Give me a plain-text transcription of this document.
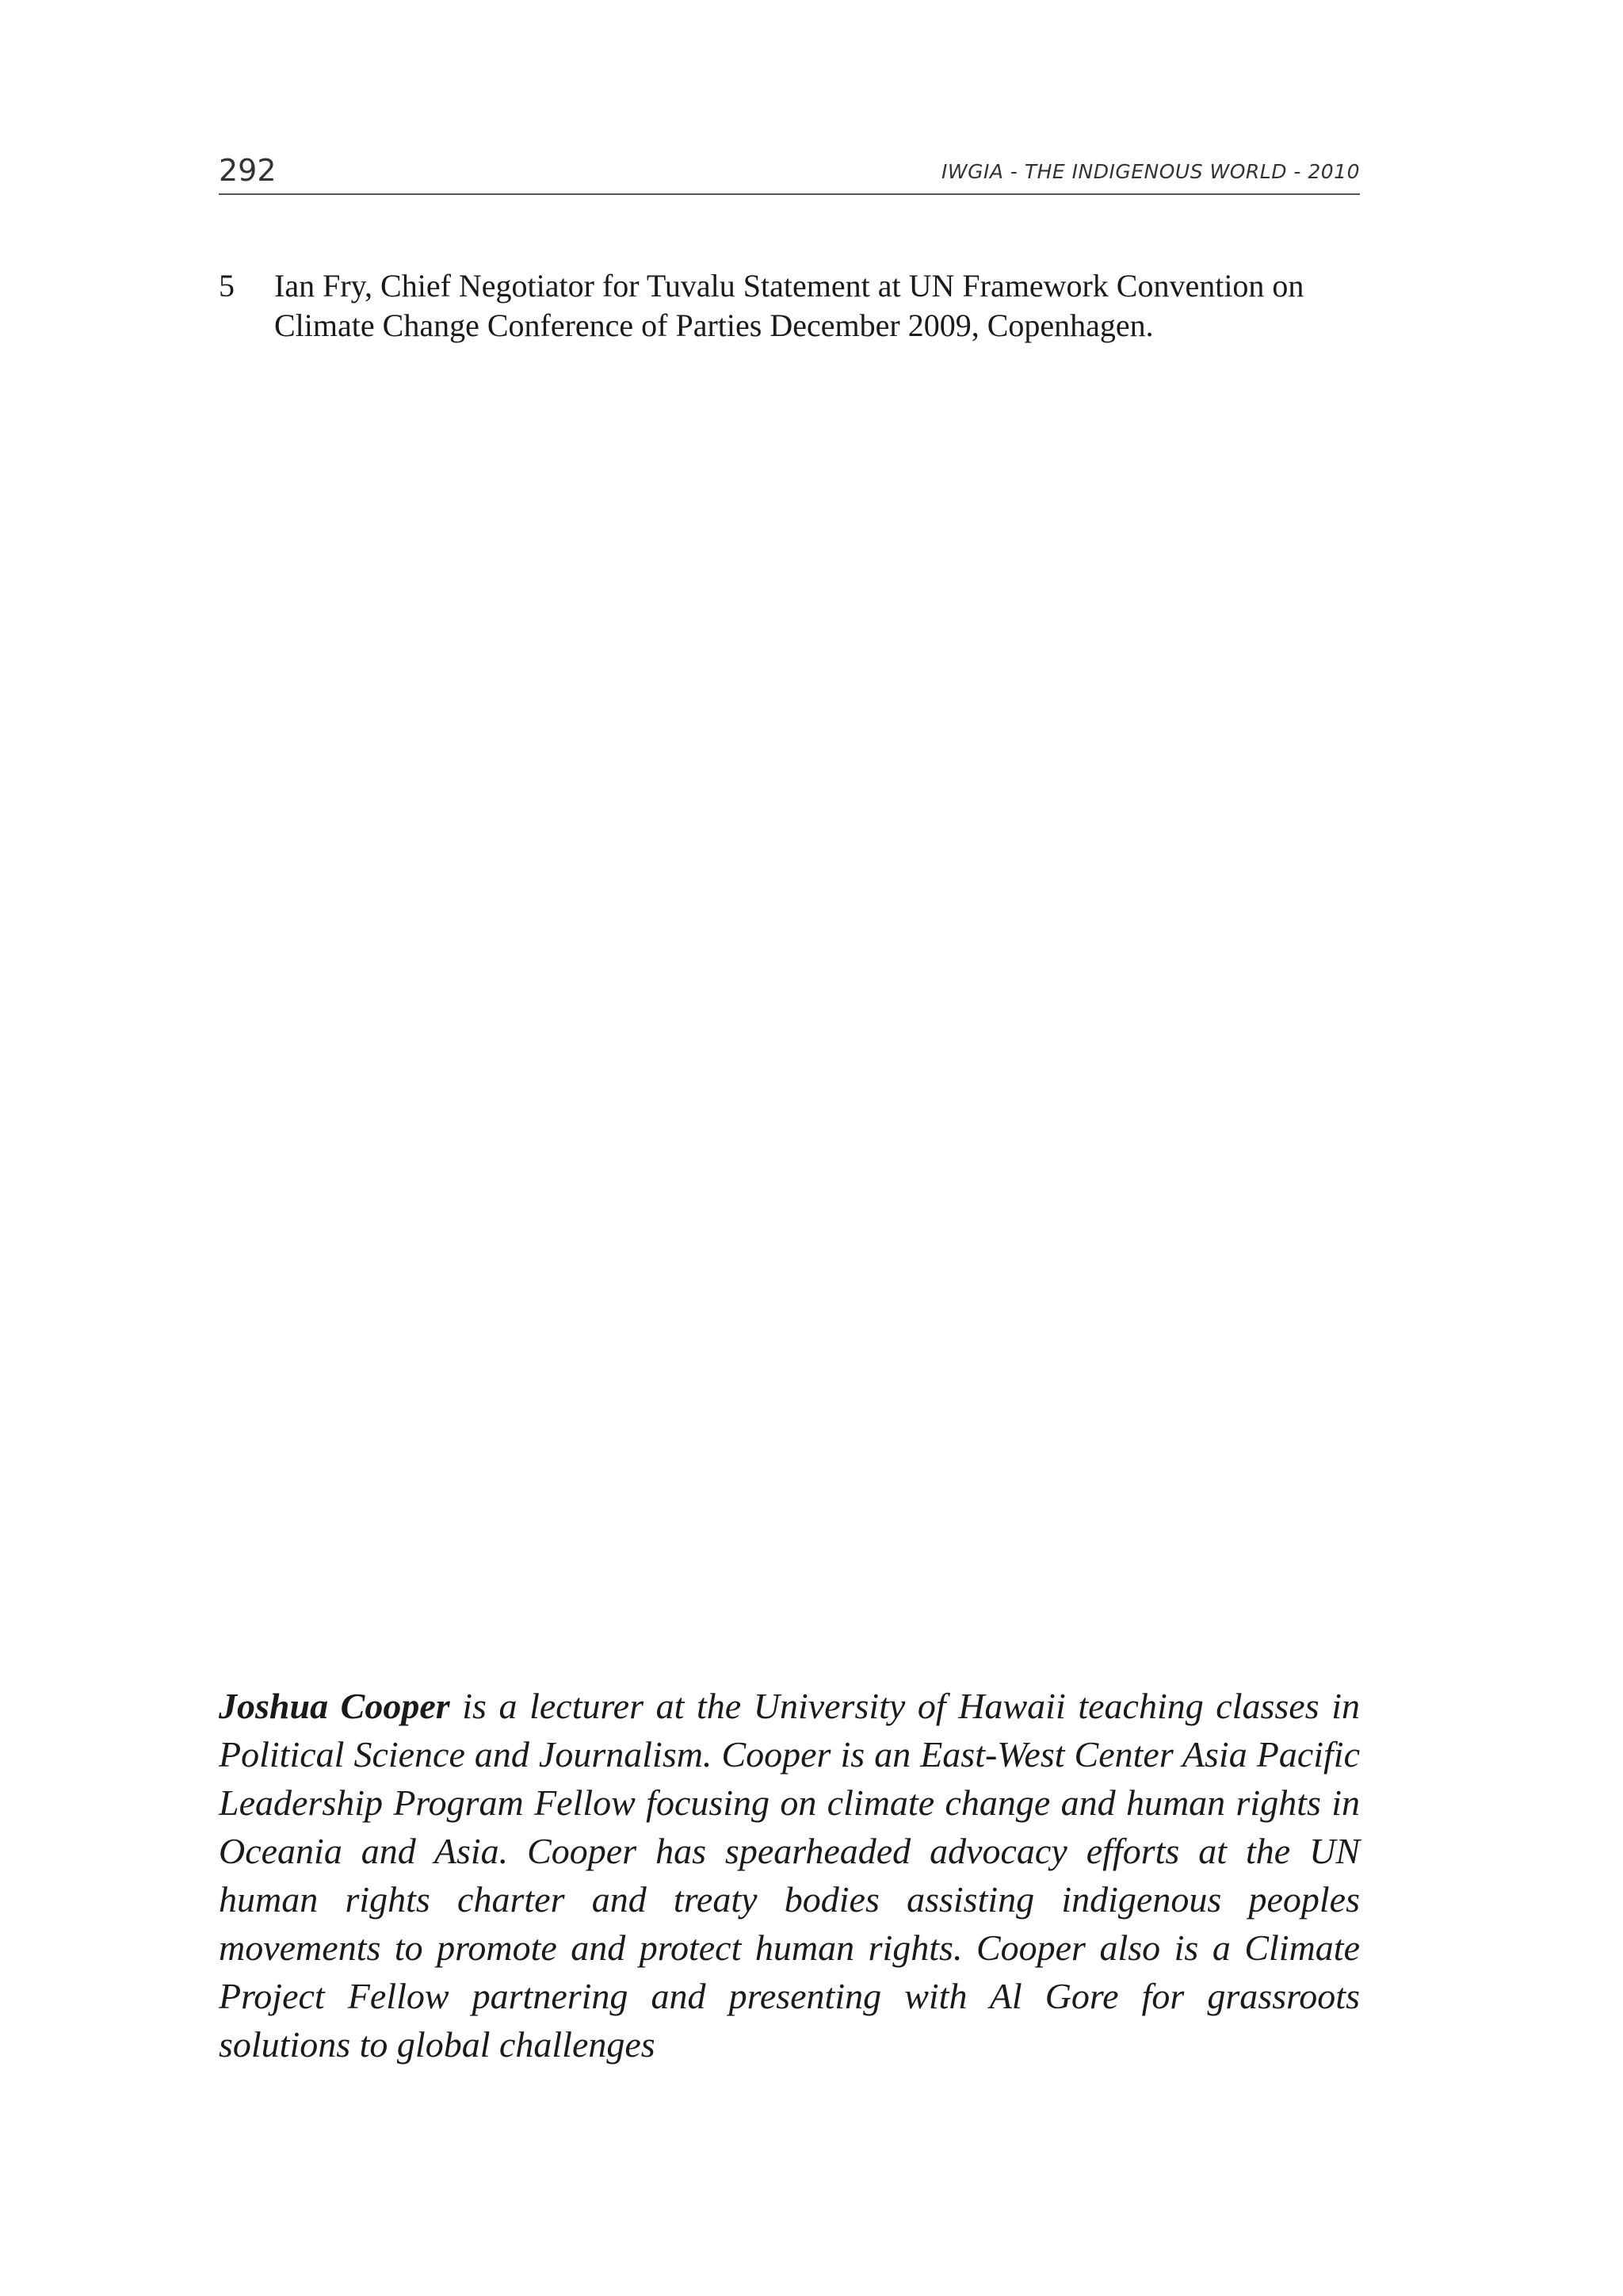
292	IWGIA - THE INDIGENOUS WORLD - 2010
5 Ian Fry, Chief Negotiator for Tuvalu Statement at UN Framework Convention on Climate Change Conference of Parties December 2009, Copenhagen.
Joshua Cooper is a lecturer at the University of Hawaii teaching classes in Political Science and Journalism. Cooper is an East-West Center Asia Pacific Leadership Program Fellow focusing on climate change and human rights in Oceania and Asia. Cooper has spearheaded advocacy efforts at the UN human rights charter and treaty bodies assisting indigenous peoples movements to promote and protect human rights. Cooper also is a Climate Project Fellow partnering and presenting with Al Gore for grassroots solutions to global challenges
